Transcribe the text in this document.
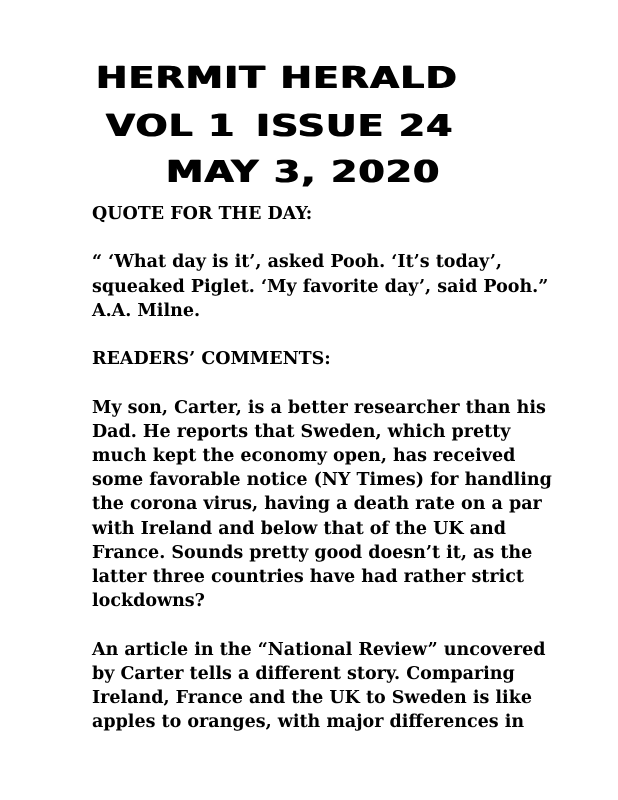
HERMIT HERALD
VOL 1 ISSUE 24
MAY 3, 2020

QUOTE FOR THE DAY:

“ ‘What day is it’, asked Pooh. ‘It’s today’,

squeaked Piglet. ‘My favorite day’, said Pooh.”

A.A. Milne.

READERS’ COMMENTS:

My son, Carter, is a better researcher than his

Dad. He reports that Sweden, which pretty

much kept the economy open, has received

some favorable notice (NY Times) for handling

the corona virus, having a death rate on a par

with Ireland and below that of the UK and

France. Sounds pretty good doesn’t it, as the

latter three countries have had rather strict

lockdowns?

An article in the “National Review” uncovered

by Carter tells a different story. Comparing

Ireland, France and the UK to Sweden is like

apples to oranges, with major differences in
